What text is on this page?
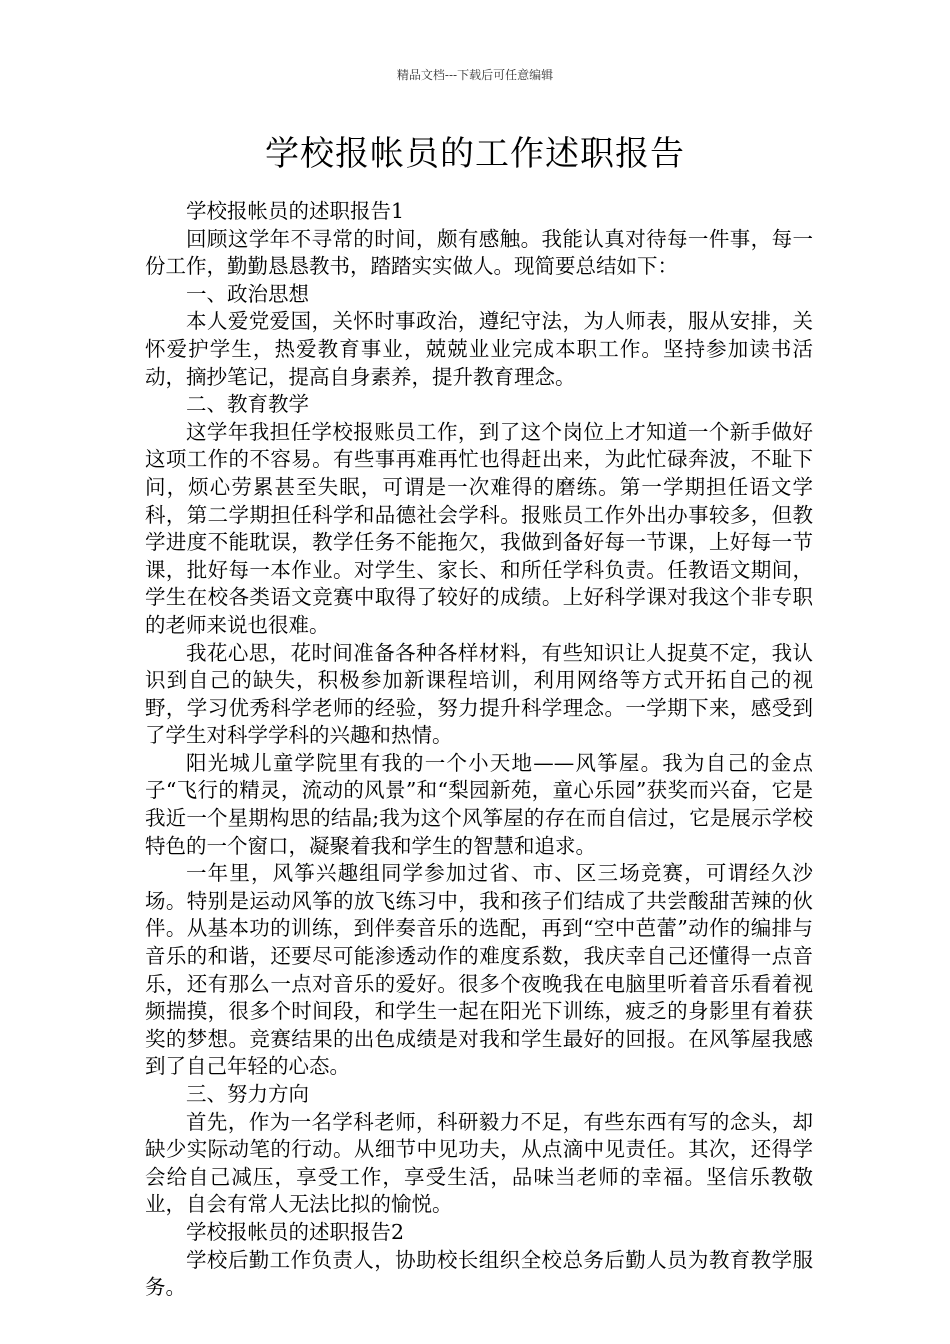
精品文档---下载后可任意编辑
学校报帐员的工作述职报告

学校报帐员的述职报告1

回顾这学年不寻常的时间，颇有感触。我能认真对待每一件事，每一份工作，勤勤恳恳教书，踏踏实实做人。现简要总结如下：

一、政治思想

本人爱党爱国，关怀时事政治，遵纪守法，为人师表，服从安排，关怀爱护学生，热爱教育事业，兢兢业业完成本职工作。坚持参加读书活动，摘抄笔记，提高自身素养，提升教育理念。

二、教育教学

这学年我担任学校报账员工作，到了这个岗位上才知道一个新手做好这项工作的不容易。有些事再难再忙也得赶出来，为此忙碌奔波，不耻下问，烦心劳累甚至失眠，可谓是一次难得的磨练。第一学期担任语文学科，第二学期担任科学和品德社会学科。报账员工作外出办事较多，但教学进度不能耽误，教学任务不能拖欠，我做到备好每一节课，上好每一节课，批好每一本作业。对学生、家长、和所任学科负责。任教语文期间，学生在校各类语文竞赛中取得了较好的成绩。上好科学课对我这个非专职的老师来说也很难。

我花心思，花时间准备各种各样材料，有些知识让人捉莫不定，我认识到自己的缺失，积极参加新课程培训，利用网络等方式开拓自己的视野，学习优秀科学老师的经验，努力提升科学理念。一学期下来，感受到了学生对科学学科的兴趣和热情。

阳光城儿童学院里有我的一个小天地——风筝屋。我为自己的金点子“飞行的精灵，流动的风景”和“梨园新苑，童心乐园”获奖而兴奋，它是我近一个星期构思的结晶;我为这个风筝屋的存在而自信过，它是展示学校特色的一个窗口，凝聚着我和学生的智慧和追求。

一年里，风筝兴趣组同学参加过省、市、区三场竞赛，可谓经久沙场。特别是运动风筝的放飞练习中，我和孩子们结成了共尝酸甜苦辣的伙伴。从基本功的训练，到伴奏音乐的选配，再到“空中芭蕾”动作的编排与音乐的和谐，还要尽可能渗透动作的难度系数，我庆幸自己还懂得一点音乐，还有那么一点对音乐的爱好。很多个夜晚我在电脑里听着音乐看着视频揣摸，很多个时间段，和学生一起在阳光下训练，疲乏的身影里有着获奖的梦想。竞赛结果的出色成绩是对我和学生最好的回报。在风筝屋我感到了自己年轻的心态。

三、努力方向

首先，作为一名学科老师，科研毅力不足，有些东西有写的念头，却缺少实际动笔的行动。从细节中见功夫，从点滴中见责任。其次，还得学会给自己减压，享受工作，享受生活，品味当老师的幸福。坚信乐教敬业，自会有常人无法比拟的愉悦。

学校报帐员的述职报告2

学校后勤工作负责人，协助校长组织全校总务后勤人员为教育教学服务。
